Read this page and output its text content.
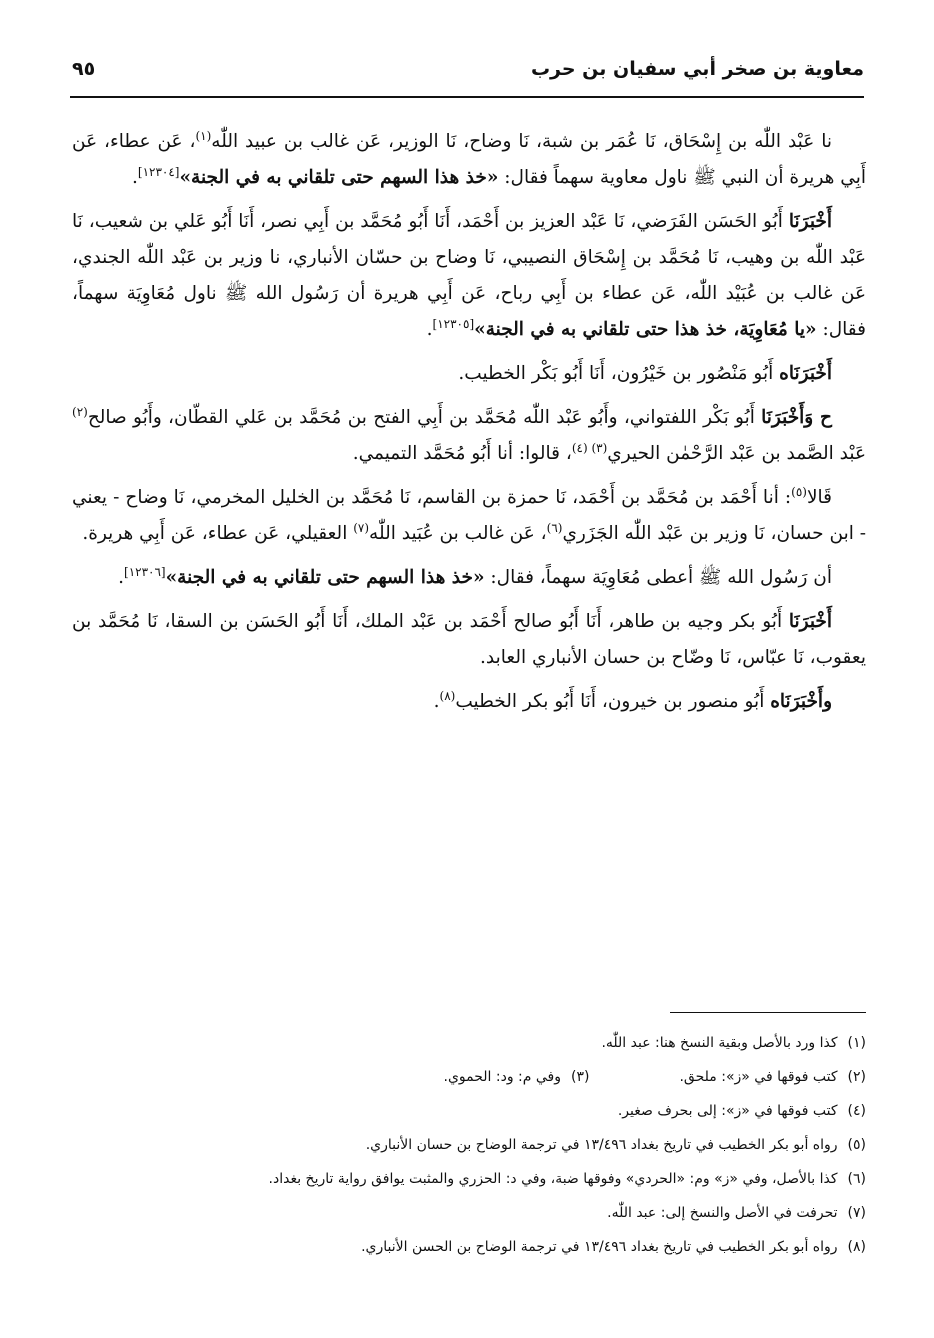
معاوية بن صخر أبي سفيان بن حرب
٩٥

نا عَبْد اللّٰه بن إِسْحَاق، نَا عُمَر بن شبة، نَا وضاح، نَا الوزير، عَن غالب بن عبيد اللّٰه$^{(١)}$، عَن عطاء، عَن أَبِي هريرة أن النبي ﷺ ناول معاوية سهماً فقال: «خذ هذا السهم حتى تلقاني به في الجنة»[١٢٣٠٤].

أَخْبَرَنَا أَبُو الحَسَن الفَرَضي، نَا عَبْد العزيز بن أَحْمَد، أَنَا أَبُو مُحَمَّد بن أَبِي نصر، أَنَا أَبُو عَلي بن شعيب، نَا عَبْد اللّٰه بن وهيب، نَا مُحَمَّد بن إِسْحَاق النصيبي، نَا وضاح بن حسّان الأنباري، نا وزير بن عَبْد اللّٰه الجندي، عَن غالب بن عُبَيْد اللّٰه، عَن عطاء بن أَبِي رباح، عَن أَبِي هريرة أن رَسُول الله ﷺ ناول مُعَاوِيَة سهماً، فقال: «يا مُعَاوِيَة، خذ هذا حتى تلقاني به في الجنة»[١٢٣٠٥].

أَخْبَرَنَاه أَبُو مَنْصُور بن خَيْرُون، أَنَا أَبُو بَكْر الخطيب.

ح وَأَخْبَرَنَا أَبُو بَكْر اللفتواني، وأَبُو عَبْد اللّٰه مُحَمَّد بن أَبِي الفتح بن مُحَمَّد بن عَلي القطّان، وأَبُو صالح$^{(٢)}$ عَبْد الصَّمد بن عَبْد الرَّحْمٰن الحيري$^{(٣) (٤)}$، قالوا: أنا أَبُو مُحَمَّد التميمي.

قَالا$^{(٥)}$: أنا أَحْمَد بن مُحَمَّد بن أَحْمَد، نَا حمزة بن القاسم، نَا مُحَمَّد بن الخليل المخرمي، نَا وضاح - يعني - ابن حسان، نَا وزير بن عَبْد اللّٰه الجَزَري$^{(٦)}$، عَن غالب بن عُبَيد اللّٰه$^{(٧)}$ العقيلي، عَن عطاء، عَن أَبِي هريرة.

أن رَسُول الله ﷺ أعطى مُعَاوِيَة سهماً، فقال: «خذ هذا السهم حتى تلقاني به في الجنة»[١٢٣٠٦].

أَخْبَرَنَا أَبُو بكر وجيه بن طاهر، أَنَا أَبُو صالح أَحْمَد بن عَبْد الملك، أَنَا أَبُو الحَسَن بن السقا، نَا مُحَمَّد بن يعقوب، نَا عبّاس، نَا وضّاح بن حسان الأنباري العابد.

وأَخْبَرَنَاه أَبُو منصور بن خيرون، أَنَا أَبُو بكر الخطيب$^{(٨)}$.

(١)كذا ورد بالأصل وبقية النسخ هنا: عبد اللّٰه.
(٢)كتب فوقها في «ز»: ملحق.
(٣)وفي م: ود: الحموي.
(٤)كتب فوقها في «ز»: إلى بحرف صغير.
(٥)رواه أبو بكر الخطيب في تاريخ بغداد ١٣/٤٩٦ في ترجمة الوضاح بن حسان الأنباري.
(٦)كذا بالأصل، وفي «ز» وم: «الحردي» وفوقها ضبة، وفي د: الحزري والمثبت يوافق رواية تاريخ بغداد.
(٧)تحرفت في الأصل والنسخ إلى: عبد اللّٰه.
(٨)رواه أبو بكر الخطيب في تاريخ بغداد ١٣/٤٩٦ في ترجمة الوضاح بن الحسن الأنباري.
